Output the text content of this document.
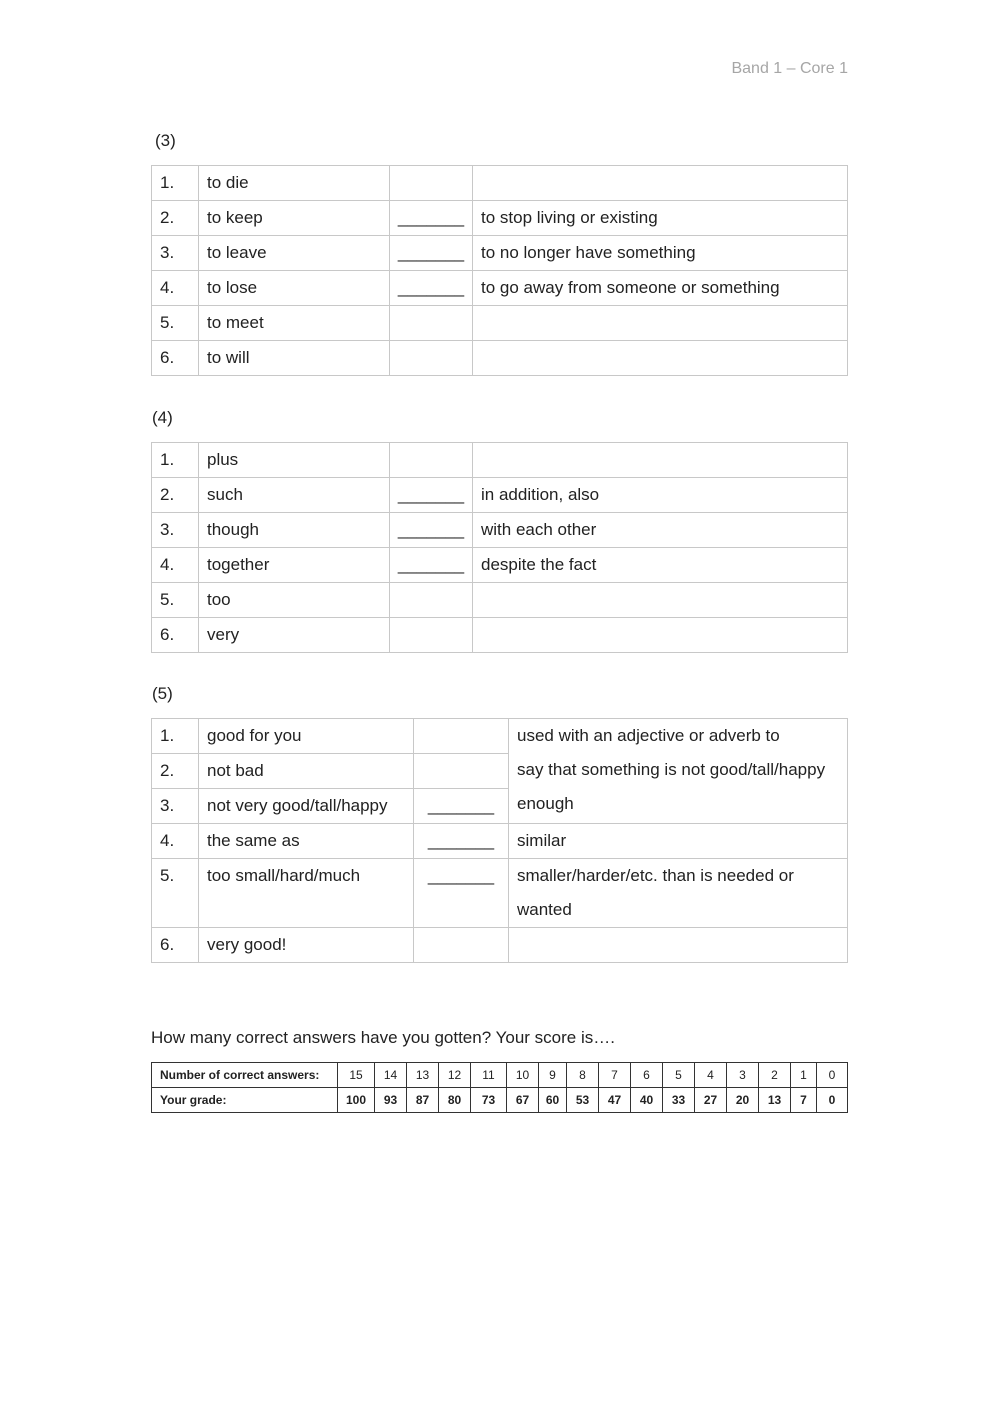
Band 1 – Core 1
(3)
1.	to die		
2.	to keep	_______	to stop living or existing
3.	to leave	_______	to no longer have something
4.	to lose	_______	to go away from someone or something
5.	to meet		
6.	to will		
(4)
1.	plus		
2.	such	_______	in addition, also
3.	though	_______	with each other
4.	together	_______	despite the fact
5.	too		
6.	very		
(5)
1.	good for you		used with an adjective or adverb to
say that something is not good/tall/happy
enough

2.	not bad		
3.	not very good/tall/happy	_______	
4.	the same as	_______	similar
5.	too small/hard/much	_______	smaller/harder/etc. than is needed or
wanted

6.	very good!		
How many correct answers have you gotten? Your score is….
Number of correct answers:	15	14	13	12	11	10	9	8	7	6	5	4	3	2	1	0
Your grade:	100	93	87	80	73	67	60	53	47	40	33	27	20	13	7	0
